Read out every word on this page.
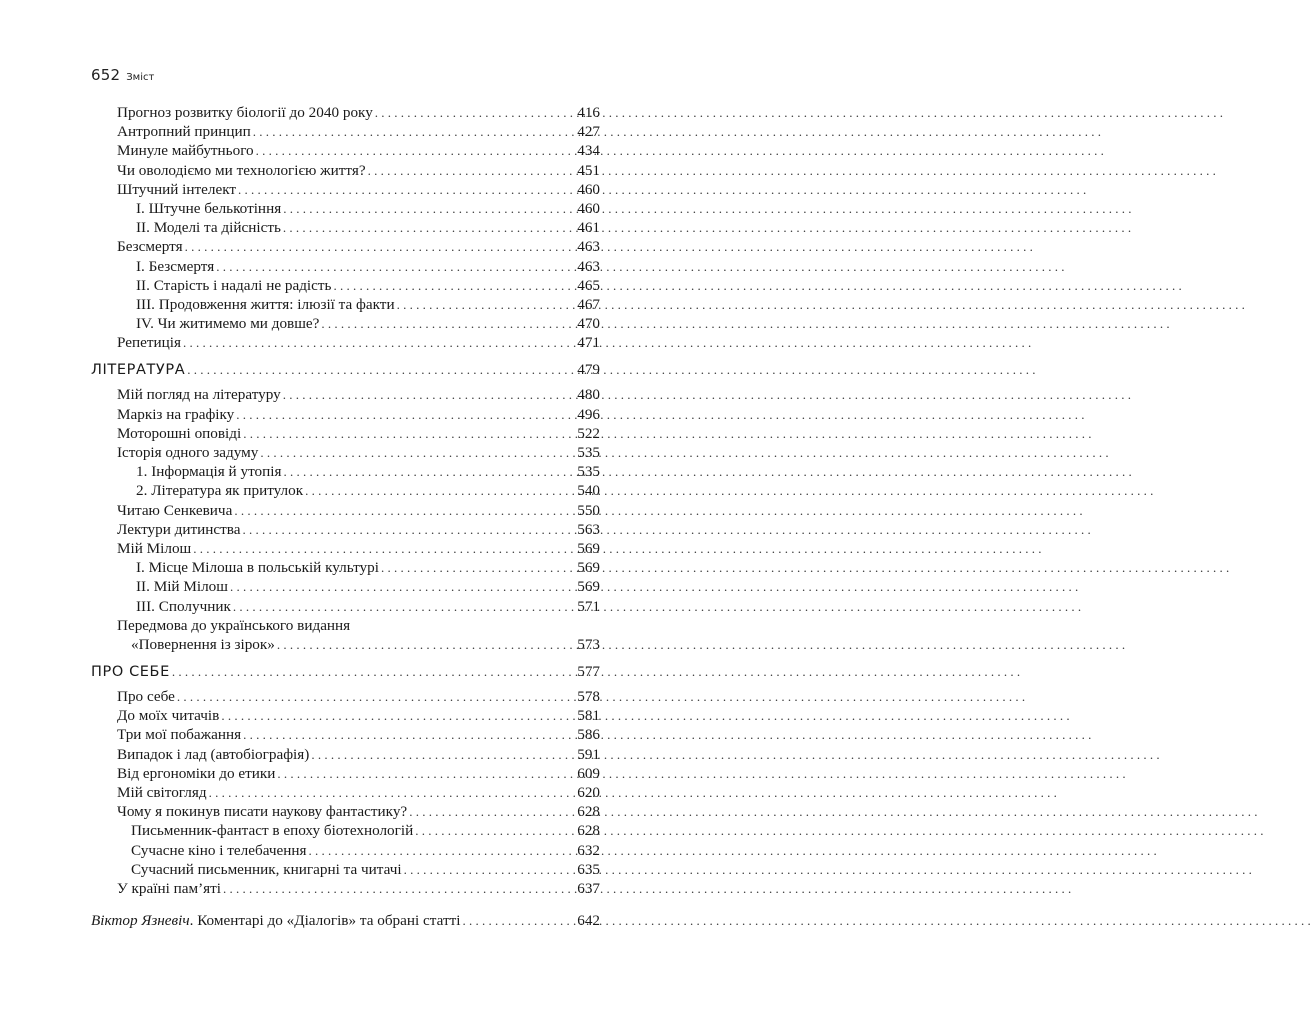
652 Зміст
Прогноз розвитку біології до 2040 року . . .	416
Антропний принцип . . .	427
Минуле майбутнього . . .	434
Чи оволодіємо ми технологією життя? . . .	451
Штучний інтелект . . .	460
І. Штучне белькотіння . . .	460
ІІ. Моделі та дійсність . . .	461
Безсмертя . . .	463
І. Безсмертя . . .	463
ІІ. Старість і надалі не радість . . .	465
ІІІ. Продовження життя: ілюзії та факти . . .	467
IV. Чи житимемо ми довше? . . .	470
Репетиція . . .	471
ЛІТЕРАТУРА . . .	479
Мій погляд на літературу . . .	480
Маркіз на графіку . . .	496
Моторошні оповіді . . .	522
Історія одного задуму . . .	535
1. Інформація й утопія . . .	535
2. Література як притулок . . .	540
Читаю Сенкевича . . .	550
Лектури дитинства . . .	563
Мій Мілош . . .	569
І. Місце Мілоша в польській культурі . . .	569
ІІ. Мій Мілош . . .	569
ІІІ. Сполучник . . .	571
Передмова до українського видання
«Повернення із зірок» . . .	573
ПРО СЕБЕ . . .	577
Про себе . . .	578
До моїх читачів . . .	581
Три мої побажання . . .	586
Випадок і лад (автобіографія) . . .	591
Від ергономіки до етики . . .	609
Мій світогляд . . .	620
Чому я покинув писати наукову фантастику? . . .	628
Письменник-фантаст в епоху біотехнологій . . .	628
Сучасне кіно і телебачення . . .	632
Сучасний письменник, книгарні та читачі . . .	635
У країні пам’яті . . .	637
Віктор Язневіч. Коментарі до «Діалогів» та обрані статті . . .	642
